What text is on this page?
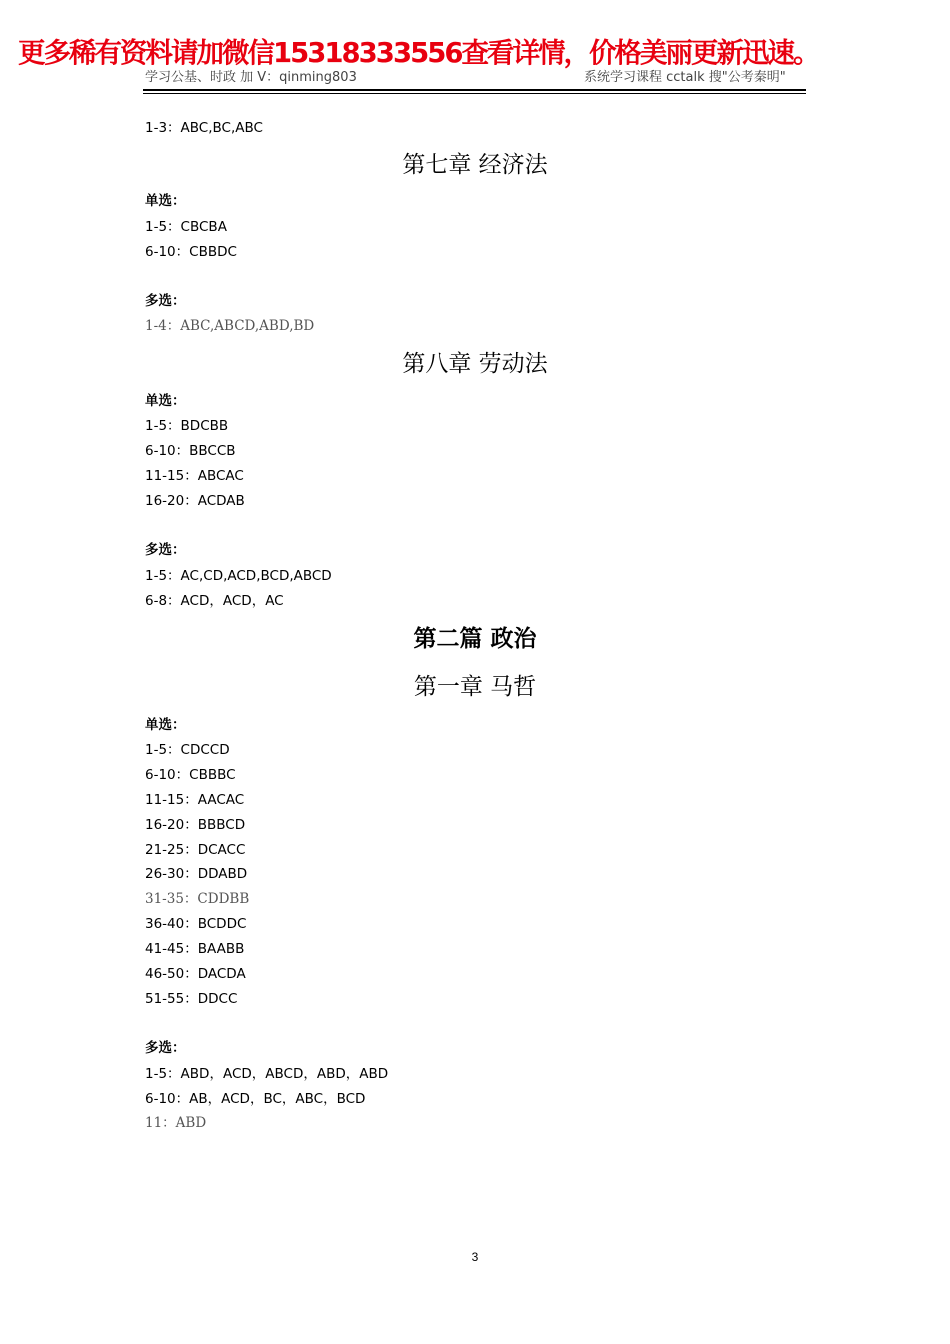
更多稀有资料请加微信15318333556查看详情，价格美丽更新迅速。
学习公基、时政 加 V：qinming803	系统学习课程 cctalk 搜"公考秦明"
1-3：ABC,BC,ABC
第七章 经济法
单选：
1-5：CBCBA
6-10：CBBDC
多选：
1-4：ABC,ABCD,ABD,BD
第八章 劳动法
单选：
1-5：BDCBB
6-10：BBCCB
11-15：ABCAC
16-20：ACDAB
多选：
1-5：AC,CD,ACD,BCD,ABCD
6-8：ACD，ACD，AC
第二篇 政治
第一章 马哲
单选：
1-5：CDCCD
6-10：CBBBC
11-15：AACAC
16-20：BBBCD
21-25：DCACC
26-30：DDABD
31-35：CDDBB
36-40：BCDDC
41-45：BAABB
46-50：DACDA
51-55：DDCC
多选：
1-5：ABD，ACD，ABCD，ABD，ABD
6-10：AB，ACD，BC，ABC，BCD
11：ABD
3
